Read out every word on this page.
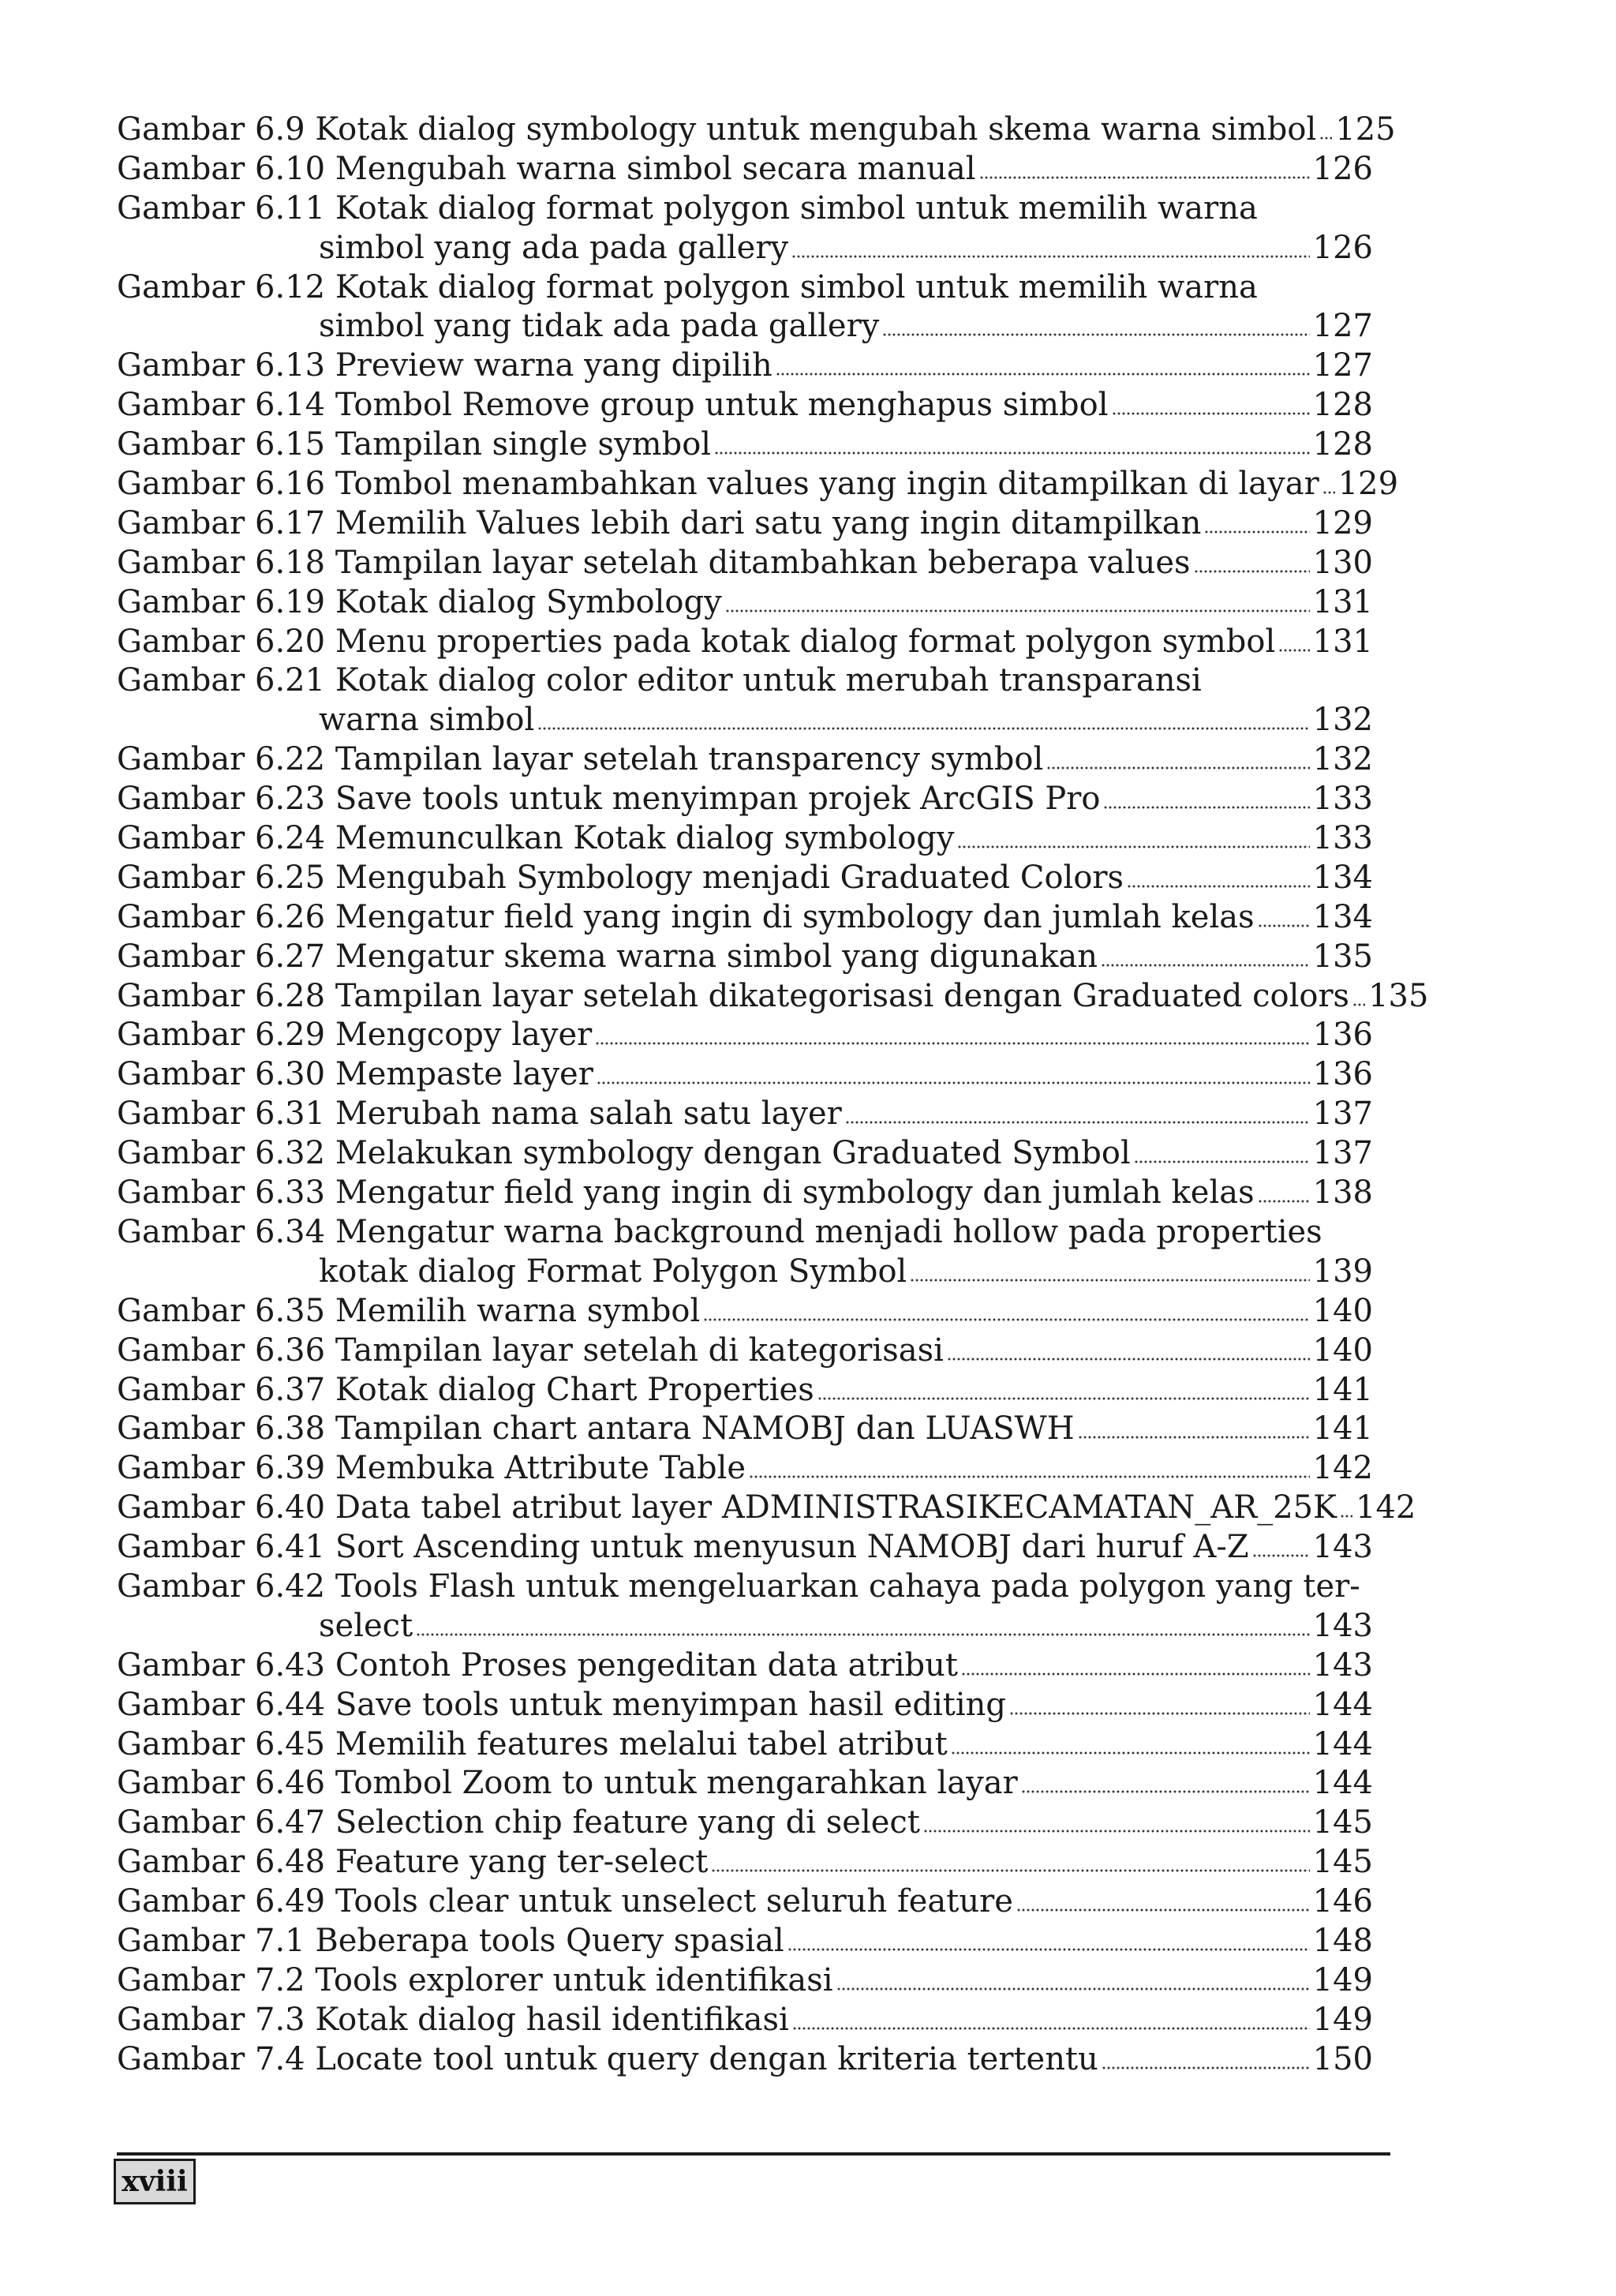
Gambar 6.9
Kotak dialog symbology untuk mengubah skema warna simbol 125
Gambar 6.10
Mengubah warna simbol secara manual	126
Gambar 6.11
Kotak dialog format polygon simbol untuk memilih warna
simbol yang ada pada gallery	126
Gambar 6.12
Kotak dialog format polygon simbol untuk memilih warna
simbol yang tidak ada pada gallery	127
Gambar 6.13
Preview warna yang dipilih	127
Gambar 6.14
Tombol Remove group untuk menghapus simbol	128
Gambar 6.15
Tampilan single symbol	128
Gambar 6.16
Tombol menambahkan values yang ingin ditampilkan di layar 129
Gambar 6.17
Memilih Values lebih dari satu yang ingin ditampilkan	129
Gambar 6.18
Tampilan layar setelah ditambahkan beberapa values	130
Gambar 6.19
Kotak dialog Symbology	131
Gambar 6.20
Menu properties pada kotak dialog format polygon symbol 131
Gambar 6.21
Kotak dialog color editor untuk merubah transparansi
warna simbol	132
Gambar 6.22
Tampilan layar setelah transparency symbol	132
Gambar 6.23
Save tools untuk menyimpan projek ArcGIS Pro	133
Gambar 6.24
Memunculkan Kotak dialog symbology	133
Gambar 6.25
Mengubah Symbology menjadi Graduated Colors	134
Gambar 6.26
Mengatur field yang ingin di symbology dan jumlah kelas 134
Gambar 6.27
Mengatur skema warna simbol yang digunakan	135
Gambar 6.28
Tampilan layar setelah dikategorisasi dengan Graduated colors 135
Gambar 6.29
Mengcopy layer	136
Gambar 6.30
Mempaste layer	136
Gambar 6.31
Merubah nama salah satu layer	137
Gambar 6.32
Melakukan symbology dengan Graduated Symbol	137
Gambar 6.33
Mengatur field yang ingin di symbology dan jumlah kelas 138
Gambar 6.34
Mengatur warna background menjadi hollow pada properties
kotak dialog Format Polygon Symbol	139
Gambar 6.35
Memilih warna symbol	140
Gambar 6.36
Tampilan layar setelah di kategorisasi	140
Gambar 6.37
Kotak dialog Chart Properties	141
Gambar 6.38
Tampilan chart antara NAMOBJ dan LUASWH	141
Gambar 6.39
Membuka Attribute Table	142
Gambar 6.40
Data tabel atribut layer ADMINISTRASIKECAMATAN_AR_25K 142
Gambar 6.41
Sort Ascending untuk menyusun NAMOBJ dari huruf A-Z 143
Gambar 6.42
Tools Flash untuk mengeluarkan cahaya pada polygon yang ter-
select	143
Gambar 6.43
Contoh Proses pengeditan data atribut	143
Gambar 6.44
Save tools untuk menyimpan hasil editing	144
Gambar 6.45
Memilih features melalui tabel atribut	144
Gambar 6.46
Tombol Zoom to untuk mengarahkan layar	144
Gambar 6.47
Selection chip feature yang di select	145
Gambar 6.48
Feature yang ter-select	145
Gambar 6.49
Tools clear untuk unselect seluruh feature	146
Gambar 7.1
Beberapa tools Query spasial	148
Gambar 7.2
Tools explorer untuk identifikasi	149
Gambar 7.3
Kotak dialog hasil identifikasi	149
Gambar 7.4
Locate tool untuk query dengan kriteria tertentu	150
xviii
